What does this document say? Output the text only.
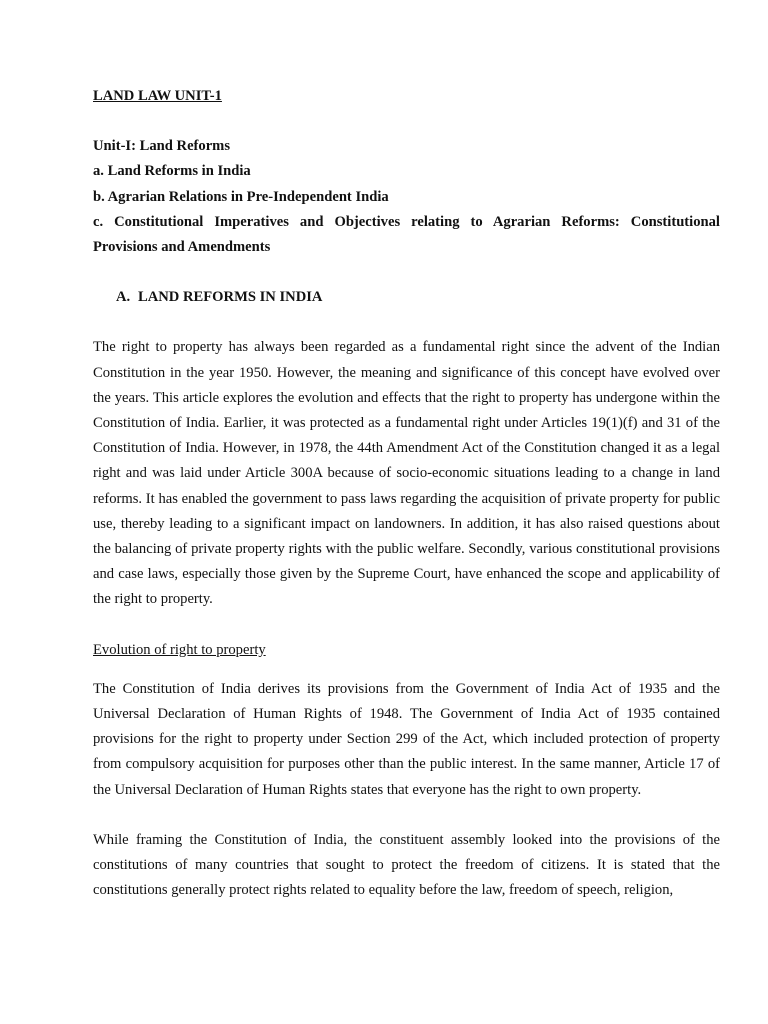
LAND LAW UNIT-1

Unit-I: Land Reforms

a. Land Reforms in India

b. Agrarian Relations in Pre-Independent India

c. Constitutional Imperatives and Objectives relating to Agrarian Reforms: Constitutional Provisions and Amendments

A. LAND REFORMS IN INDIA

The right to property has always been regarded as a fundamental right since the advent of the Indian Constitution in the year 1950. However, the meaning and significance of this concept have evolved over the years. This article explores the evolution and effects that the right to property has undergone within the Constitution of India. Earlier, it was protected as a fundamental right under Articles 19(1)(f) and 31 of the Constitution of India. However, in 1978, the 44th Amendment Act of the Constitution changed it as a legal right and was laid under Article 300A because of socio-economic situations leading to a change in land reforms. It has enabled the government to pass laws regarding the acquisition of private property for public use, thereby leading to a significant impact on landowners. In addition, it has also raised questions about the balancing of private property rights with the public welfare. Secondly, various constitutional provisions and case laws, especially those given by the Supreme Court, have enhanced the scope and applicability of the right to property.

Evolution of right to property

The Constitution of India derives its provisions from the Government of India Act of 1935 and the Universal Declaration of Human Rights of 1948. The Government of India Act of 1935 contained provisions for the right to property under Section 299 of the Act, which included protection of property from compulsory acquisition for purposes other than the public interest. In the same manner, Article 17 of the Universal Declaration of Human Rights states that everyone has the right to own property.

While framing the Constitution of India, the constituent assembly looked into the provisions of the constitutions of many countries that sought to protect the freedom of citizens. It is stated that the constitutions generally protect rights related to equality before the law, freedom of speech, religion,
